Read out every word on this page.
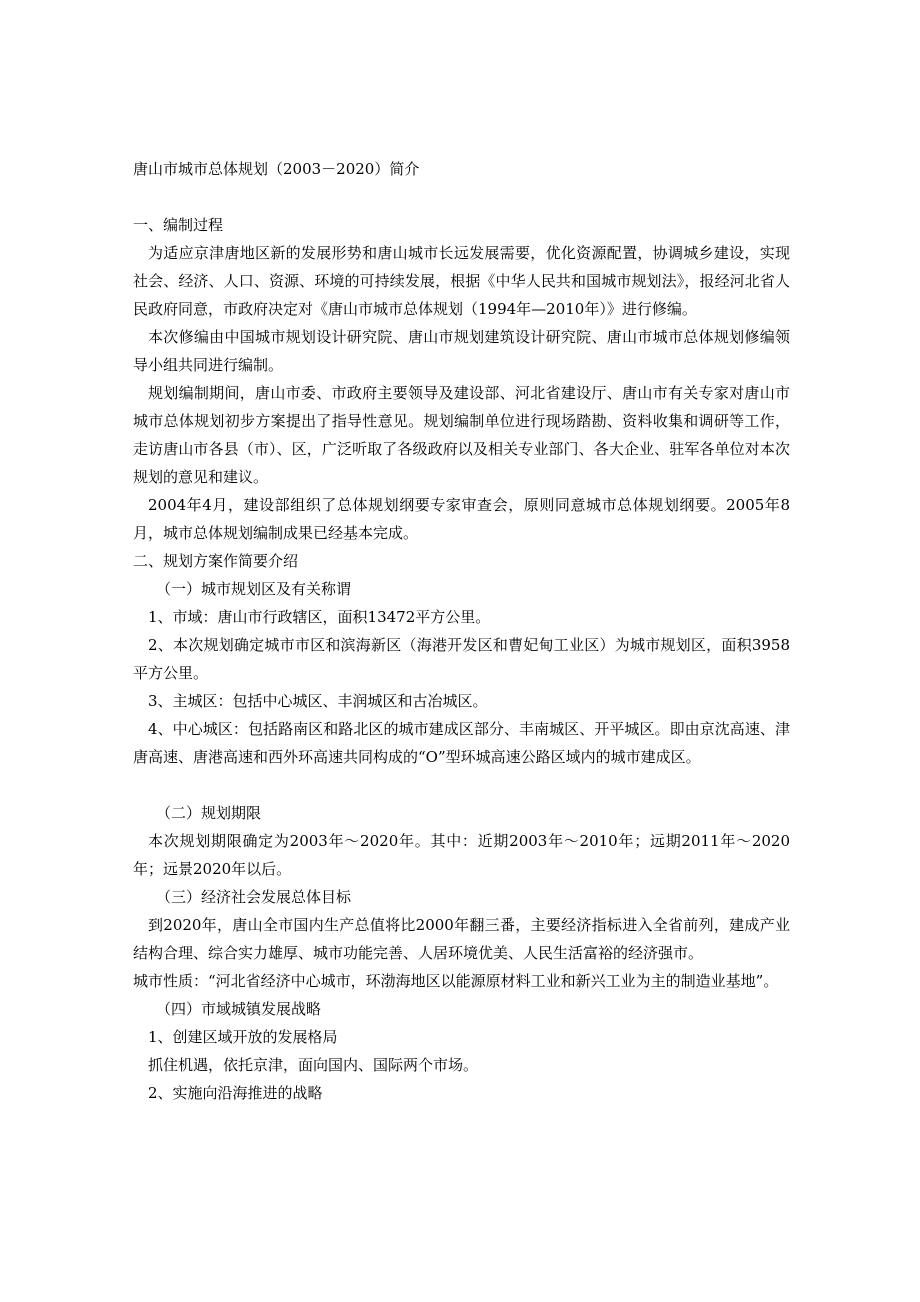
唐山市城市总体规划（2003－2020）简介

一、编制过程

为适应京津唐地区新的发展形势和唐山城市长远发展需要，优化资源配置，协调城乡建设，实现社会、经济、人口、资源、环境的可持续发展，根据《中华人民共和国城市规划法》，报经河北省人民政府同意，市政府决定对《唐山市城市总体规划（1994年—2010年）》进行修编。

本次修编由中国城市规划设计研究院、唐山市规划建筑设计研究院、唐山市城市总体规划修编领导小组共同进行编制。

规划编制期间，唐山市委、市政府主要领导及建设部、河北省建设厅、唐山市有关专家对唐山市城市总体规划初步方案提出了指导性意见。规划编制单位进行现场踏勘、资料收集和调研等工作，走访唐山市各县（市）、区，广泛听取了各级政府以及相关专业部门、各大企业、驻军各单位对本次规划的意见和建议。

2004年4月，建设部组织了总体规划纲要专家审查会，原则同意城市总体规划纲要。2005年8月，城市总体规划编制成果已经基本完成。

二、规划方案作简要介绍

（一）城市规划区及有关称谓

1、市域：唐山市行政辖区，面积13472平方公里。

2、本次规划确定城市市区和滨海新区（海港开发区和曹妃甸工业区）为城市规划区，面积3958平方公里。

3、主城区：包括中心城区、丰润城区和古冶城区。

4、中心城区：包括路南区和路北区的城市建成区部分、丰南城区、开平城区。即由京沈高速、津唐高速、唐港高速和西外环高速共同构成的“O”型环城高速公路区域内的城市建成区。

（二）规划期限

本次规划期限确定为2003年～2020年。其中：近期2003年～2010年；远期2011年～2020年；远景2020年以后。

（三）经济社会发展总体目标

到2020年，唐山全市国内生产总值将比2000年翻三番，主要经济指标进入全省前列，建成产业结构合理、综合实力雄厚、城市功能完善、人居环境优美、人民生活富裕的经济强市。

城市性质：“河北省经济中心城市，环渤海地区以能源原材料工业和新兴工业为主的制造业基地”。

（四）市域城镇发展战略

1、创建区域开放的发展格局

抓住机遇，依托京津，面向国内、国际两个市场。

2、实施向沿海推进的战略
